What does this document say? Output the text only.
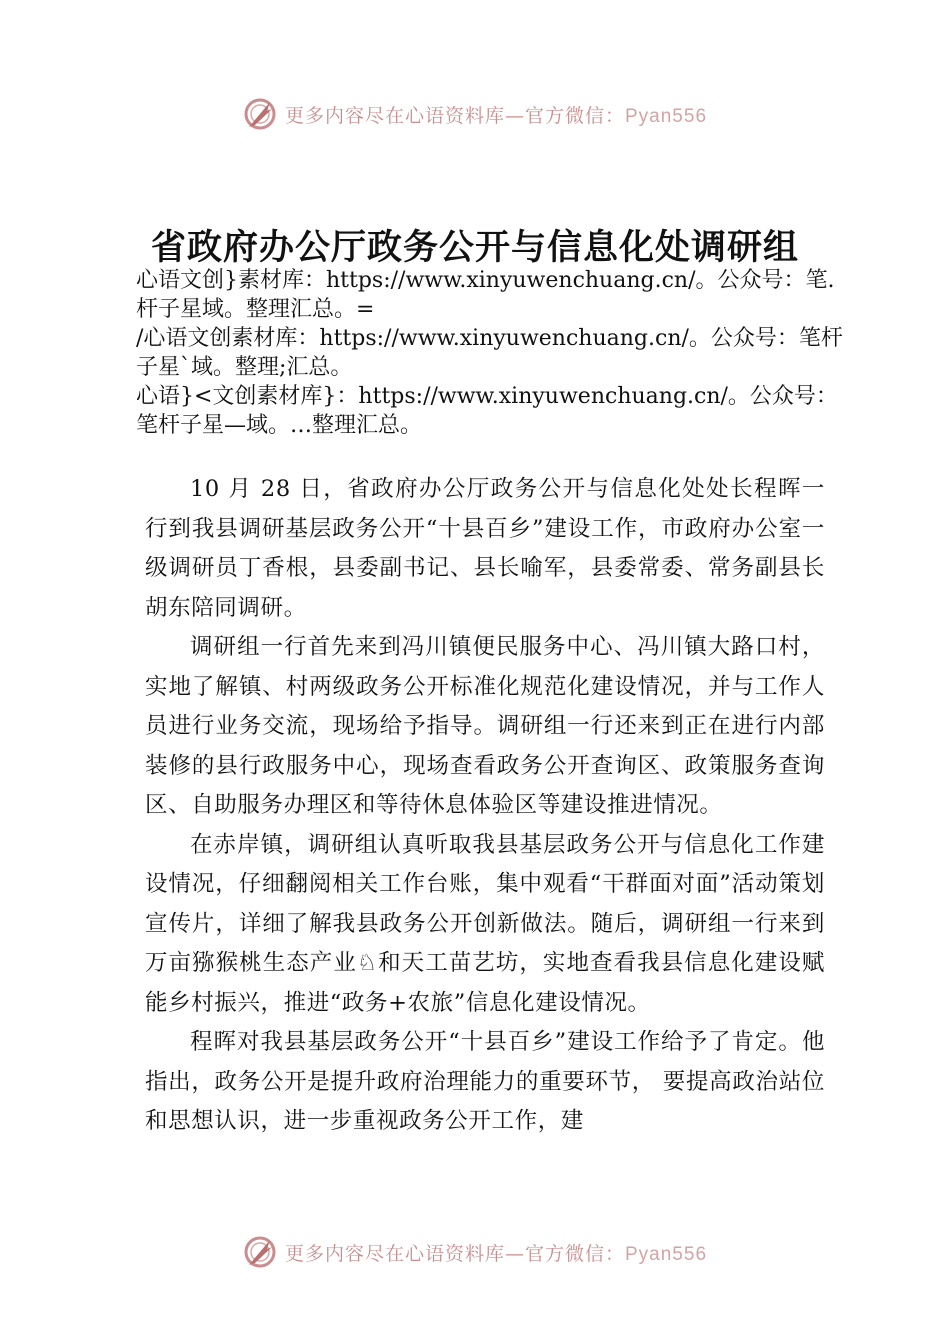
更多内容尽在心语资料库—官方微信：Pyan556
省政府办公厅政务公开与信息化处调研组

心语文创}素材库：https://www.xinyuwenchuang.cn/。公众号：笔.杆子星域。整理汇总。=

/心语文创素材库：https://www.xinyuwenchuang.cn/。公众号：笔杆子星`域。整理;汇总。

心语}<文创素材库}：https://www.xinyuwenchuang.cn/。公众号：笔杆子星—域。…整理汇总。

10 月 28 日，省政府办公厅政务公开与信息化处处长程晖一行到我县调研基层政务公开“十县百乡”建设工作，市政府办公室一级调研员丁香根，县委副书记、县长喻军，县委常委、常务副县长胡东陪同调研。

调研组一行首先来到冯川镇便民服务中心、冯川镇大路口村，实地了解镇、村两级政务公开标准化规范化建设情况，并与工作人员进行业务交流，现场给予指导。调研组一行还来到正在进行内部装修的县行政服务中心，现场查看政务公开查询区、政策服务查询区、自助服务办理区和等待休息体验区等建设推进情况。

在赤岸镇，调研组认真听取我县基层政务公开与信息化工作建设情况，仔细翻阅相关工作台账，集中观看“干群面对面”活动策划宣传片，详细了解我县政务公开创新做法。随后，调研组一行来到万亩猕猴桃生态产业♘和天工苗艺坊，实地查看我县信息化建设赋能乡村振兴，推进“政务+农旅”信息化建设情况。

程晖对我县基层政务公开“十县百乡”建设工作给予了肯定。他指出，政务公开是提升政府治理能力的重要环节， 要提高政治站位和思想认识，进一步重视政务公开工作，建

更多内容尽在心语资料库—官方微信：Pyan556
